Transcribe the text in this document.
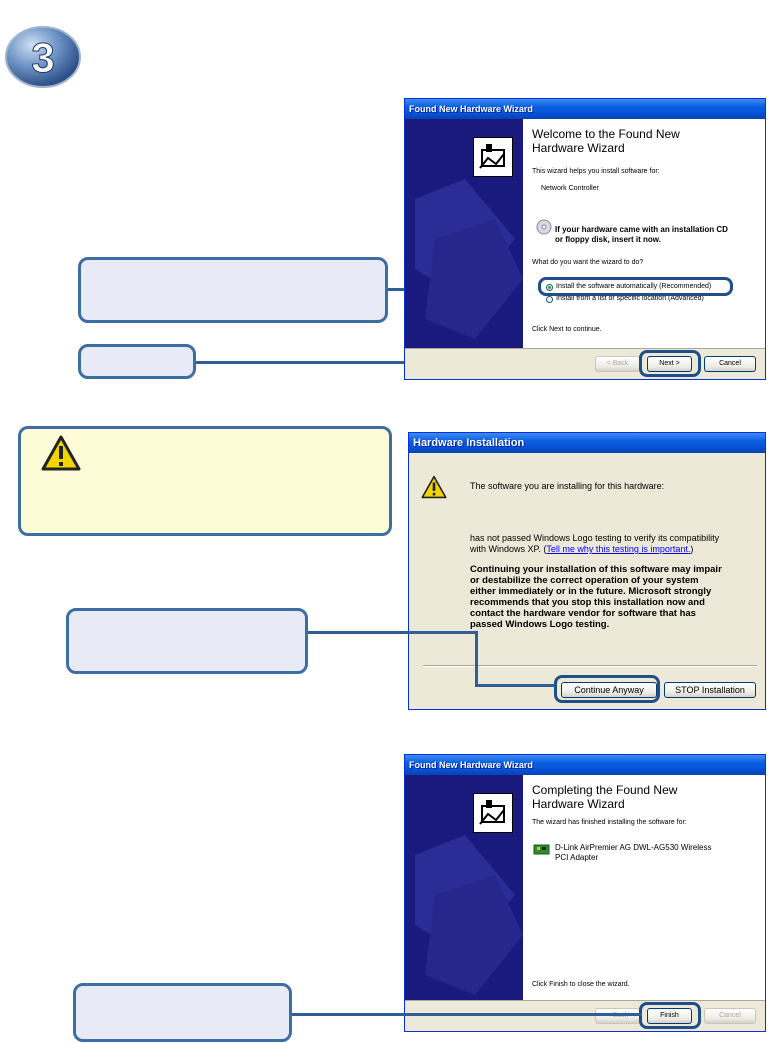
3
Found New Hardware Wizard
Welcome to the Found New
Hardware Wizard
This wizard helps you install software for:
Network Controller
If your hardware came with an installation CD
or floppy disk, insert it now.
What do you want the wizard to do?
Install the software automatically (Recommended)
Install from a list or specific location (Advanced)
Click Next to continue.
< Back	Next >	Cancel
Hardware Installation
The software you are installing for this hardware:
has not passed Windows Logo testing to verify its compatibility
with Windows XP. (Tell me why this testing is important.)
Continuing your installation of this software may impair
or destabilize the correct operation of your system
either immediately or in the future. Microsoft strongly
recommends that you stop this installation now and
contact the hardware vendor for software that has
passed Windows Logo testing.
Continue Anyway	STOP Installation
Found New Hardware Wizard
Completing the Found New
Hardware Wizard
The wizard has finished installing the software for:
D-Link AirPremier AG DWL-AG530 Wireless
PCI Adapter
Click Finish to close the wizard.
Finish	Cancel
